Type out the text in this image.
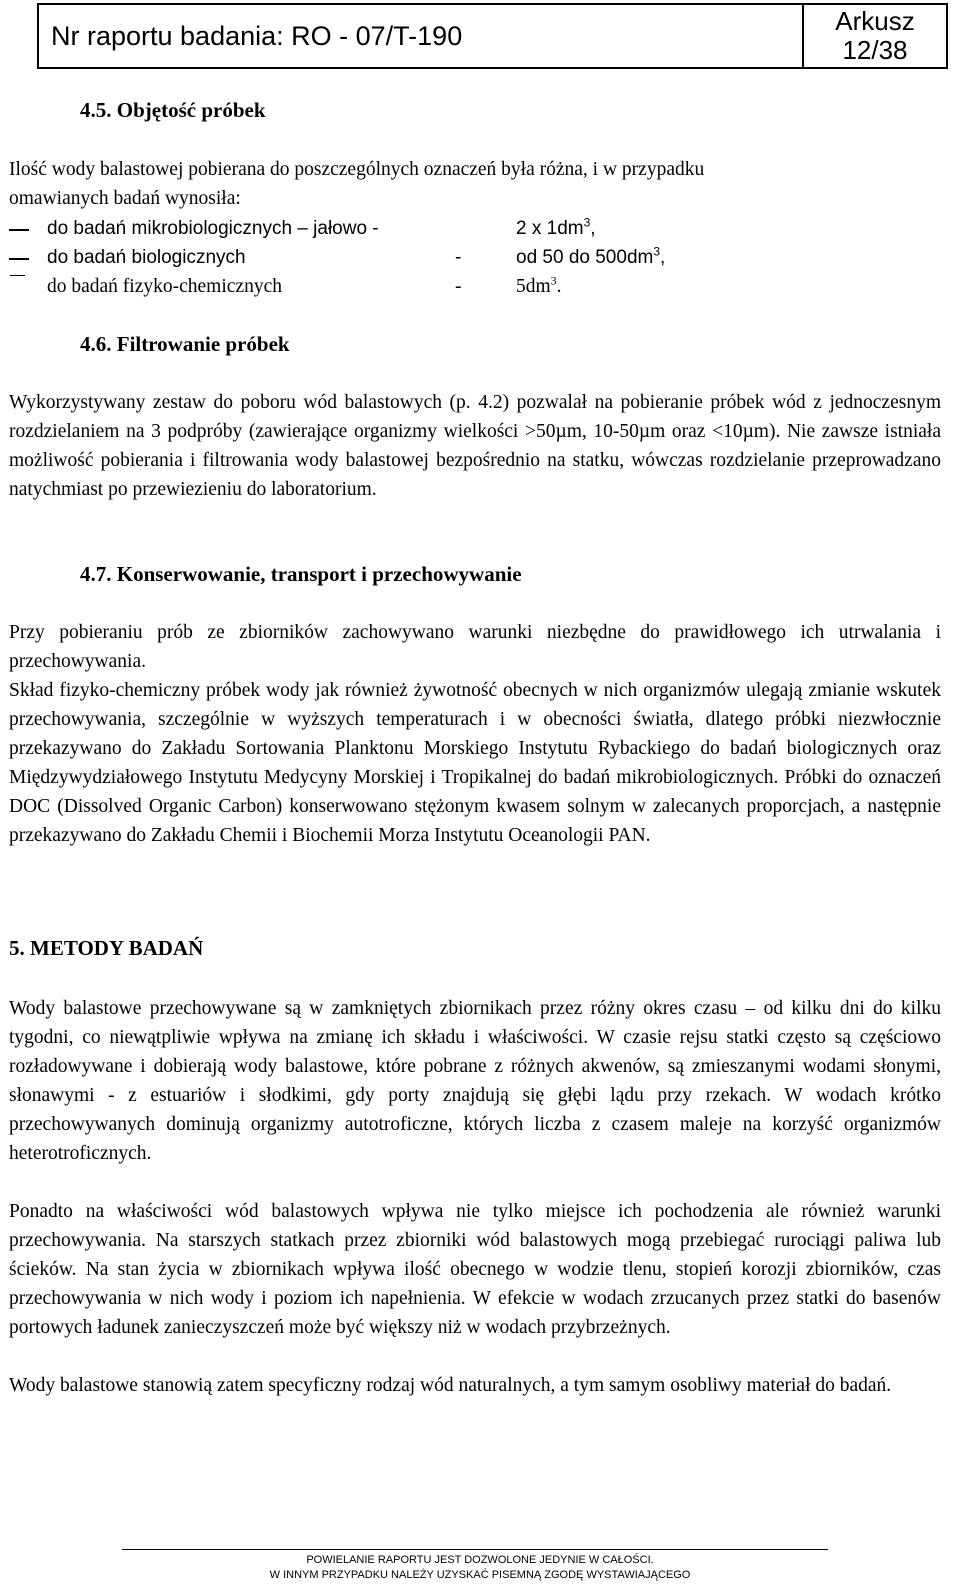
Nr raportu badania: RO - 07/T-190	Arkusz
12/38
4.5. Objętość próbek
Ilość wody balastowej pobierana do poszczególnych oznaczeń była różna, i w przypadku
omawianych badań wynosiła:
do badań mikrobiologicznych – jałowo -	2 x $1dm^3$,
do badań biologicznych	-	od 50 do $500dm^3$,
do badań fizyko-chemicznych	-	$5dm^3$.
4.6. Filtrowanie próbek
Wykorzystywany zestaw do poboru wód balastowych (p. 4.2) pozwalał na pobieranie próbek wód z jednoczesnym rozdzielaniem na 3 podpróby (zawierające organizmy wielkości >50µm, 10-50µm oraz <10µm). Nie zawsze istniała możliwość pobierania i filtrowania wody balastowej bezpośrednio na statku, wówczas rozdzielanie przeprowadzano natychmiast po przewiezieniu do laboratorium.
4.7. Konserwowanie, transport i przechowywanie
Przy pobieraniu prób ze zbiorników zachowywano warunki niezbędne do prawidłowego ich utrwalania i przechowywania.
Skład fizyko-chemiczny próbek wody jak również żywotność obecnych w nich organizmów ulegają zmianie wskutek przechowywania, szczególnie w wyższych temperaturach i w obecności światła, dlatego próbki niezwłocznie przekazywano do Zakładu Sortowania Planktonu Morskiego Instytutu Rybackiego do badań biologicznych oraz Międzywydziałowego Instytutu Medycyny Morskiej i Tropikalnej do badań mikrobiologicznych. Próbki do oznaczeń DOC (Dissolved Organic Carbon) konserwowano stężonym kwasem solnym w zalecanych proporcjach, a następnie przekazywano do Zakładu Chemii i Biochemii Morza Instytutu Oceanologii PAN.
5. METODY BADAŃ
Wody balastowe przechowywane są w zamkniętych zbiornikach przez różny okres czasu – od kilku dni do kilku tygodni, co niewątpliwie wpływa na zmianę ich składu i właściwości. W czasie rejsu statki często są częściowo rozładowywane i dobierają wody balastowe, które pobrane z różnych akwenów, są zmieszanymi wodami słonymi, słonawymi - z estuariów i słodkimi, gdy porty znajdują się głębi lądu przy rzekach. W wodach krótko przechowywanych dominują organizmy autotroficzne, których liczba z czasem maleje na korzyść organizmów heterotroficznych.
Ponadto na właściwości wód balastowych wpływa nie tylko miejsce ich pochodzenia ale również warunki przechowywania. Na starszych statkach przez zbiorniki wód balastowych mogą przebiegać rurociągi paliwa lub ścieków. Na stan życia w zbiornikach wpływa ilość obecnego w wodzie tlenu, stopień korozji zbiorników, czas przechowywania w nich wody i poziom ich napełnienia. W efekcie w wodach zrzucanych przez statki do basenów portowych ładunek zanieczyszczeń może być większy niż w wodach przybrzeżnych.
Wody balastowe stanowią zatem specyficzny rodzaj wód naturalnych, a tym samym osobliwy materiał do badań.
POWIELANIE RAPORTU JEST DOZWOLONE JEDYNIE W CAŁOŚCI.
W INNYM PRZYPADKU NALEŻY UZYSKAĆ PISEMNĄ ZGODĘ WYSTAWIAJĄCEGO
